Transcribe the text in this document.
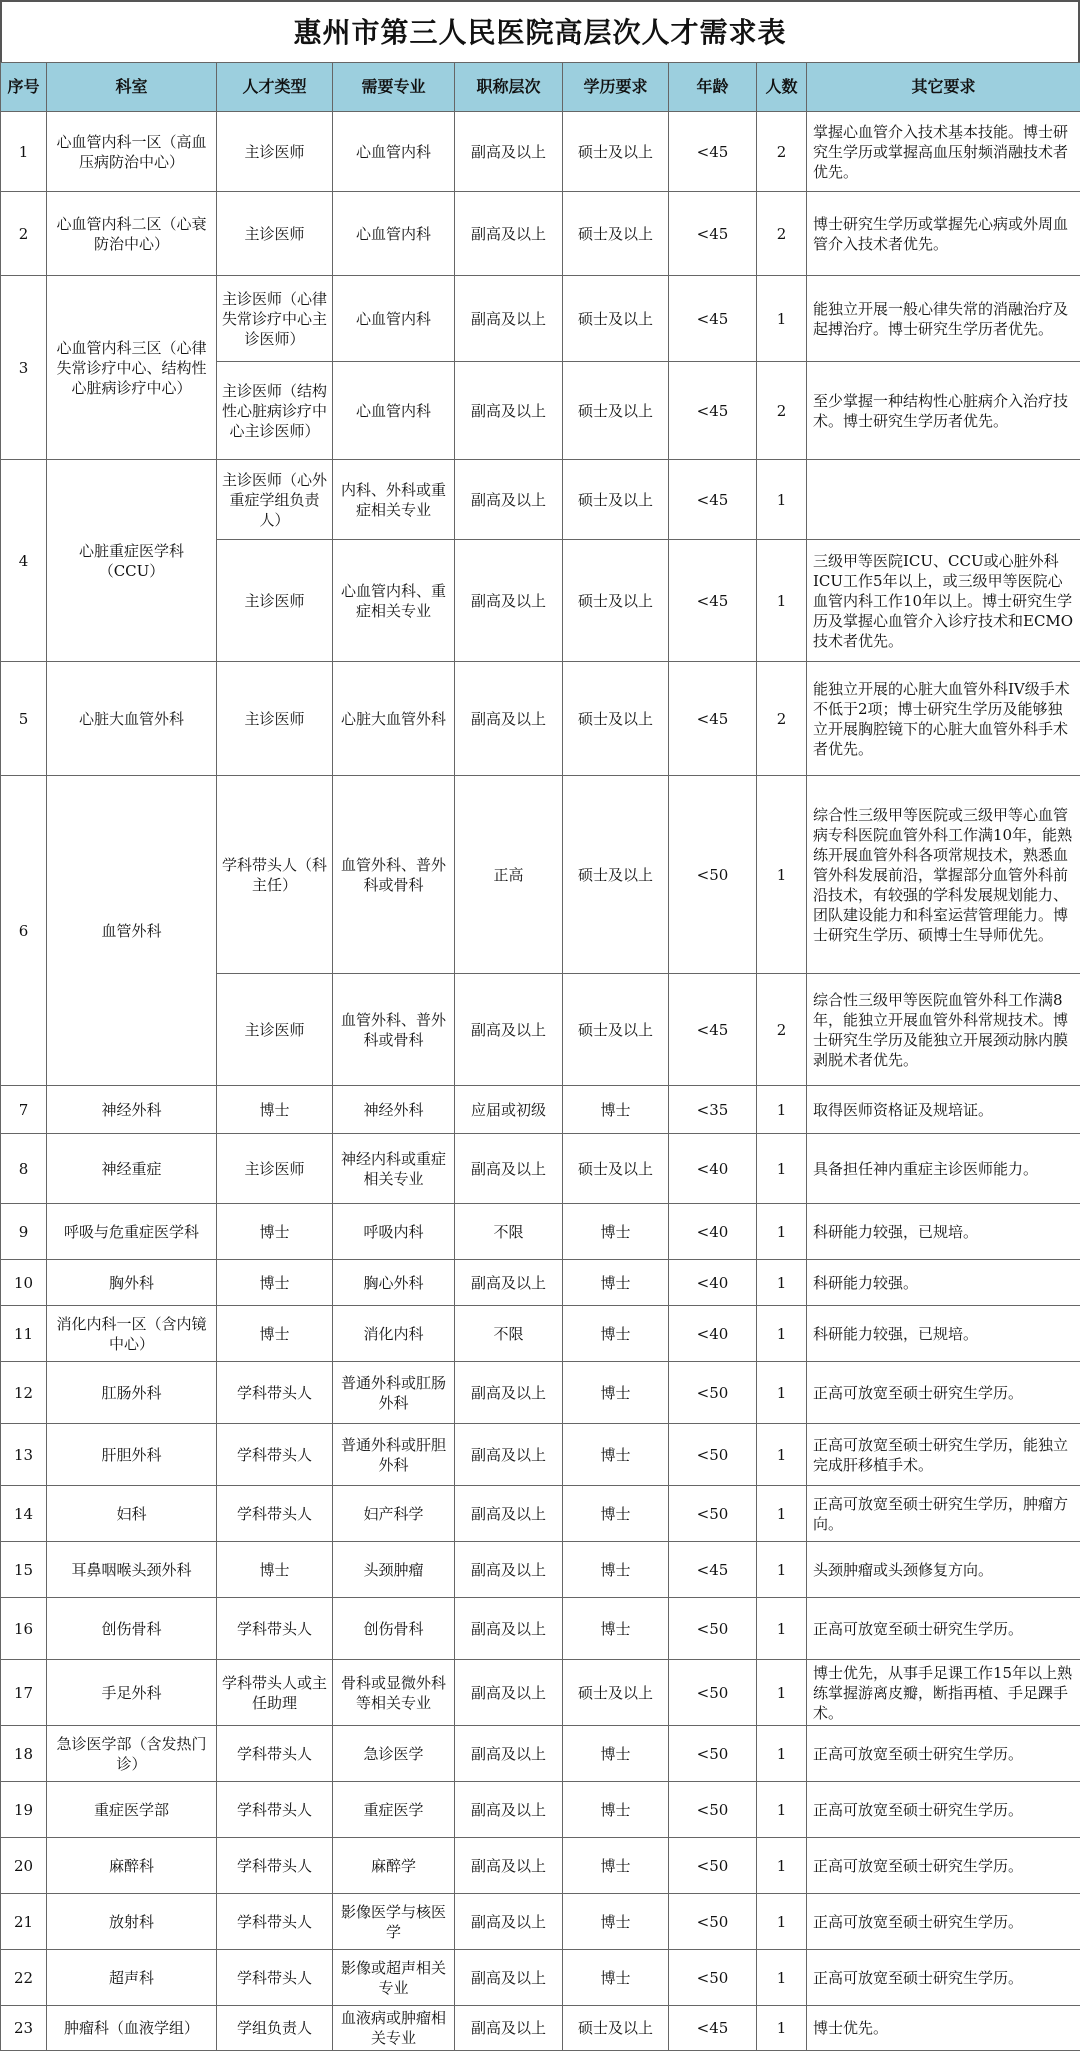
惠州市第三人民医院高层次人才需求表
序号	科室	人才类型	需要专业	职称层次	学历要求	年龄	人数	其它要求
1	心血管内科一区（高血压病防治中心）	主诊医师	心血管内科	副高及以上	硕士及以上	<45	2	掌握心血管介入技术基本技能。博士研究生学历或掌握高血压射频消融技术者优先。
2	心血管内科二区（心衰防治中心）	主诊医师	心血管内科	副高及以上	硕士及以上	<45	2	博士研究生学历或掌握先心病或外周血管介入技术者优先。
3	心血管内科三区（心律失常诊疗中心、结构性心脏病诊疗中心）	主诊医师（心律失常诊疗中心主诊医师）	心血管内科	副高及以上	硕士及以上	<45	1	能独立开展一般心律失常的消融治疗及起搏治疗。博士研究生学历者优先。
		主诊医师（结构性心脏病诊疗中心主诊医师）	心血管内科	副高及以上	硕士及以上	<45	2	至少掌握一种结构性心脏病介入治疗技术。博士研究生学历者优先。
4	心脏重症医学科（CCU）	主诊医师（心外重症学组负责人）	内科、外科或重症相关专业	副高及以上	硕士及以上	<45	1	
		主诊医师	心血管内科、重症相关专业	副高及以上	硕士及以上	<45	1	三级甲等医院ICU、CCU或心脏外科ICU工作5年以上，或三级甲等医院心血管内科工作10年以上。博士研究生学历及掌握心血管介入诊疗技术和ECMO技术者优先。
5	心脏大血管外科	主诊医师	心脏大血管外科	副高及以上	硕士及以上	<45	2	能独立开展的心脏大血管外科IV级手术不低于2项；博士研究生学历及能够独立开展胸腔镜下的心脏大血管外科手术者优先。
6	血管外科	学科带头人（科主任）	血管外科、普外科或骨科	正高	硕士及以上	<50	1	综合性三级甲等医院或三级甲等心血管病专科医院血管外科工作满10年，能熟练开展血管外科各项常规技术，熟悉血管外科发展前沿，掌握部分血管外科前沿技术，有较强的学科发展规划能力、团队建设能力和科室运营管理能力。博士研究生学历、硕博士生导师优先。
		主诊医师	血管外科、普外科或骨科	副高及以上	硕士及以上	<45	2	综合性三级甲等医院血管外科工作满8年，能独立开展血管外科常规技术。博士研究生学历及能独立开展颈动脉内膜剥脱术者优先。
7	神经外科	博士	神经外科	应届或初级	博士	<35	1	取得医师资格证及规培证。
8	神经重症	主诊医师	神经内科或重症相关专业	副高及以上	硕士及以上	<40	1	具备担任神内重症主诊医师能力。
9	呼吸与危重症医学科	博士	呼吸内科	不限	博士	<40	1	科研能力较强，已规培。
10	胸外科	博士	胸心外科	副高及以上	博士	<40	1	科研能力较强。
11	消化内科一区（含内镜中心）	博士	消化内科	不限	博士	<40	1	科研能力较强，已规培。
12	肛肠外科	学科带头人	普通外科或肛肠外科	副高及以上	博士	<50	1	正高可放宽至硕士研究生学历。
13	肝胆外科	学科带头人	普通外科或肝胆外科	副高及以上	博士	<50	1	正高可放宽至硕士研究生学历，能独立完成肝移植手术。
14	妇科	学科带头人	妇产科学	副高及以上	博士	<50	1	正高可放宽至硕士研究生学历，肿瘤方向。
15	耳鼻咽喉头颈外科	博士	头颈肿瘤	副高及以上	博士	<45	1	头颈肿瘤或头颈修复方向。
16	创伤骨科	学科带头人	创伤骨科	副高及以上	博士	<50	1	正高可放宽至硕士研究生学历。
17	手足外科	学科带头人或主任助理	骨科或显微外科等相关专业	副高及以上	硕士及以上	<50	1	博士优先，从事手足课工作15年以上熟练掌握游离皮瓣，断指再植、手足踝手术。
18	急诊医学部（含发热门诊）	学科带头人	急诊医学	副高及以上	博士	<50	1	正高可放宽至硕士研究生学历。
19	重症医学部	学科带头人	重症医学	副高及以上	博士	<50	1	正高可放宽至硕士研究生学历。
20	麻醉科	学科带头人	麻醉学	副高及以上	博士	<50	1	正高可放宽至硕士研究生学历。
21	放射科	学科带头人	影像医学与核医学	副高及以上	博士	<50	1	正高可放宽至硕士研究生学历。
22	超声科	学科带头人	影像或超声相关专业	副高及以上	博士	<50	1	正高可放宽至硕士研究生学历。
23	肿瘤科（血液学组）	学组负责人	血液病或肿瘤相关专业	副高及以上	硕士及以上	<45	1	博士优先。
